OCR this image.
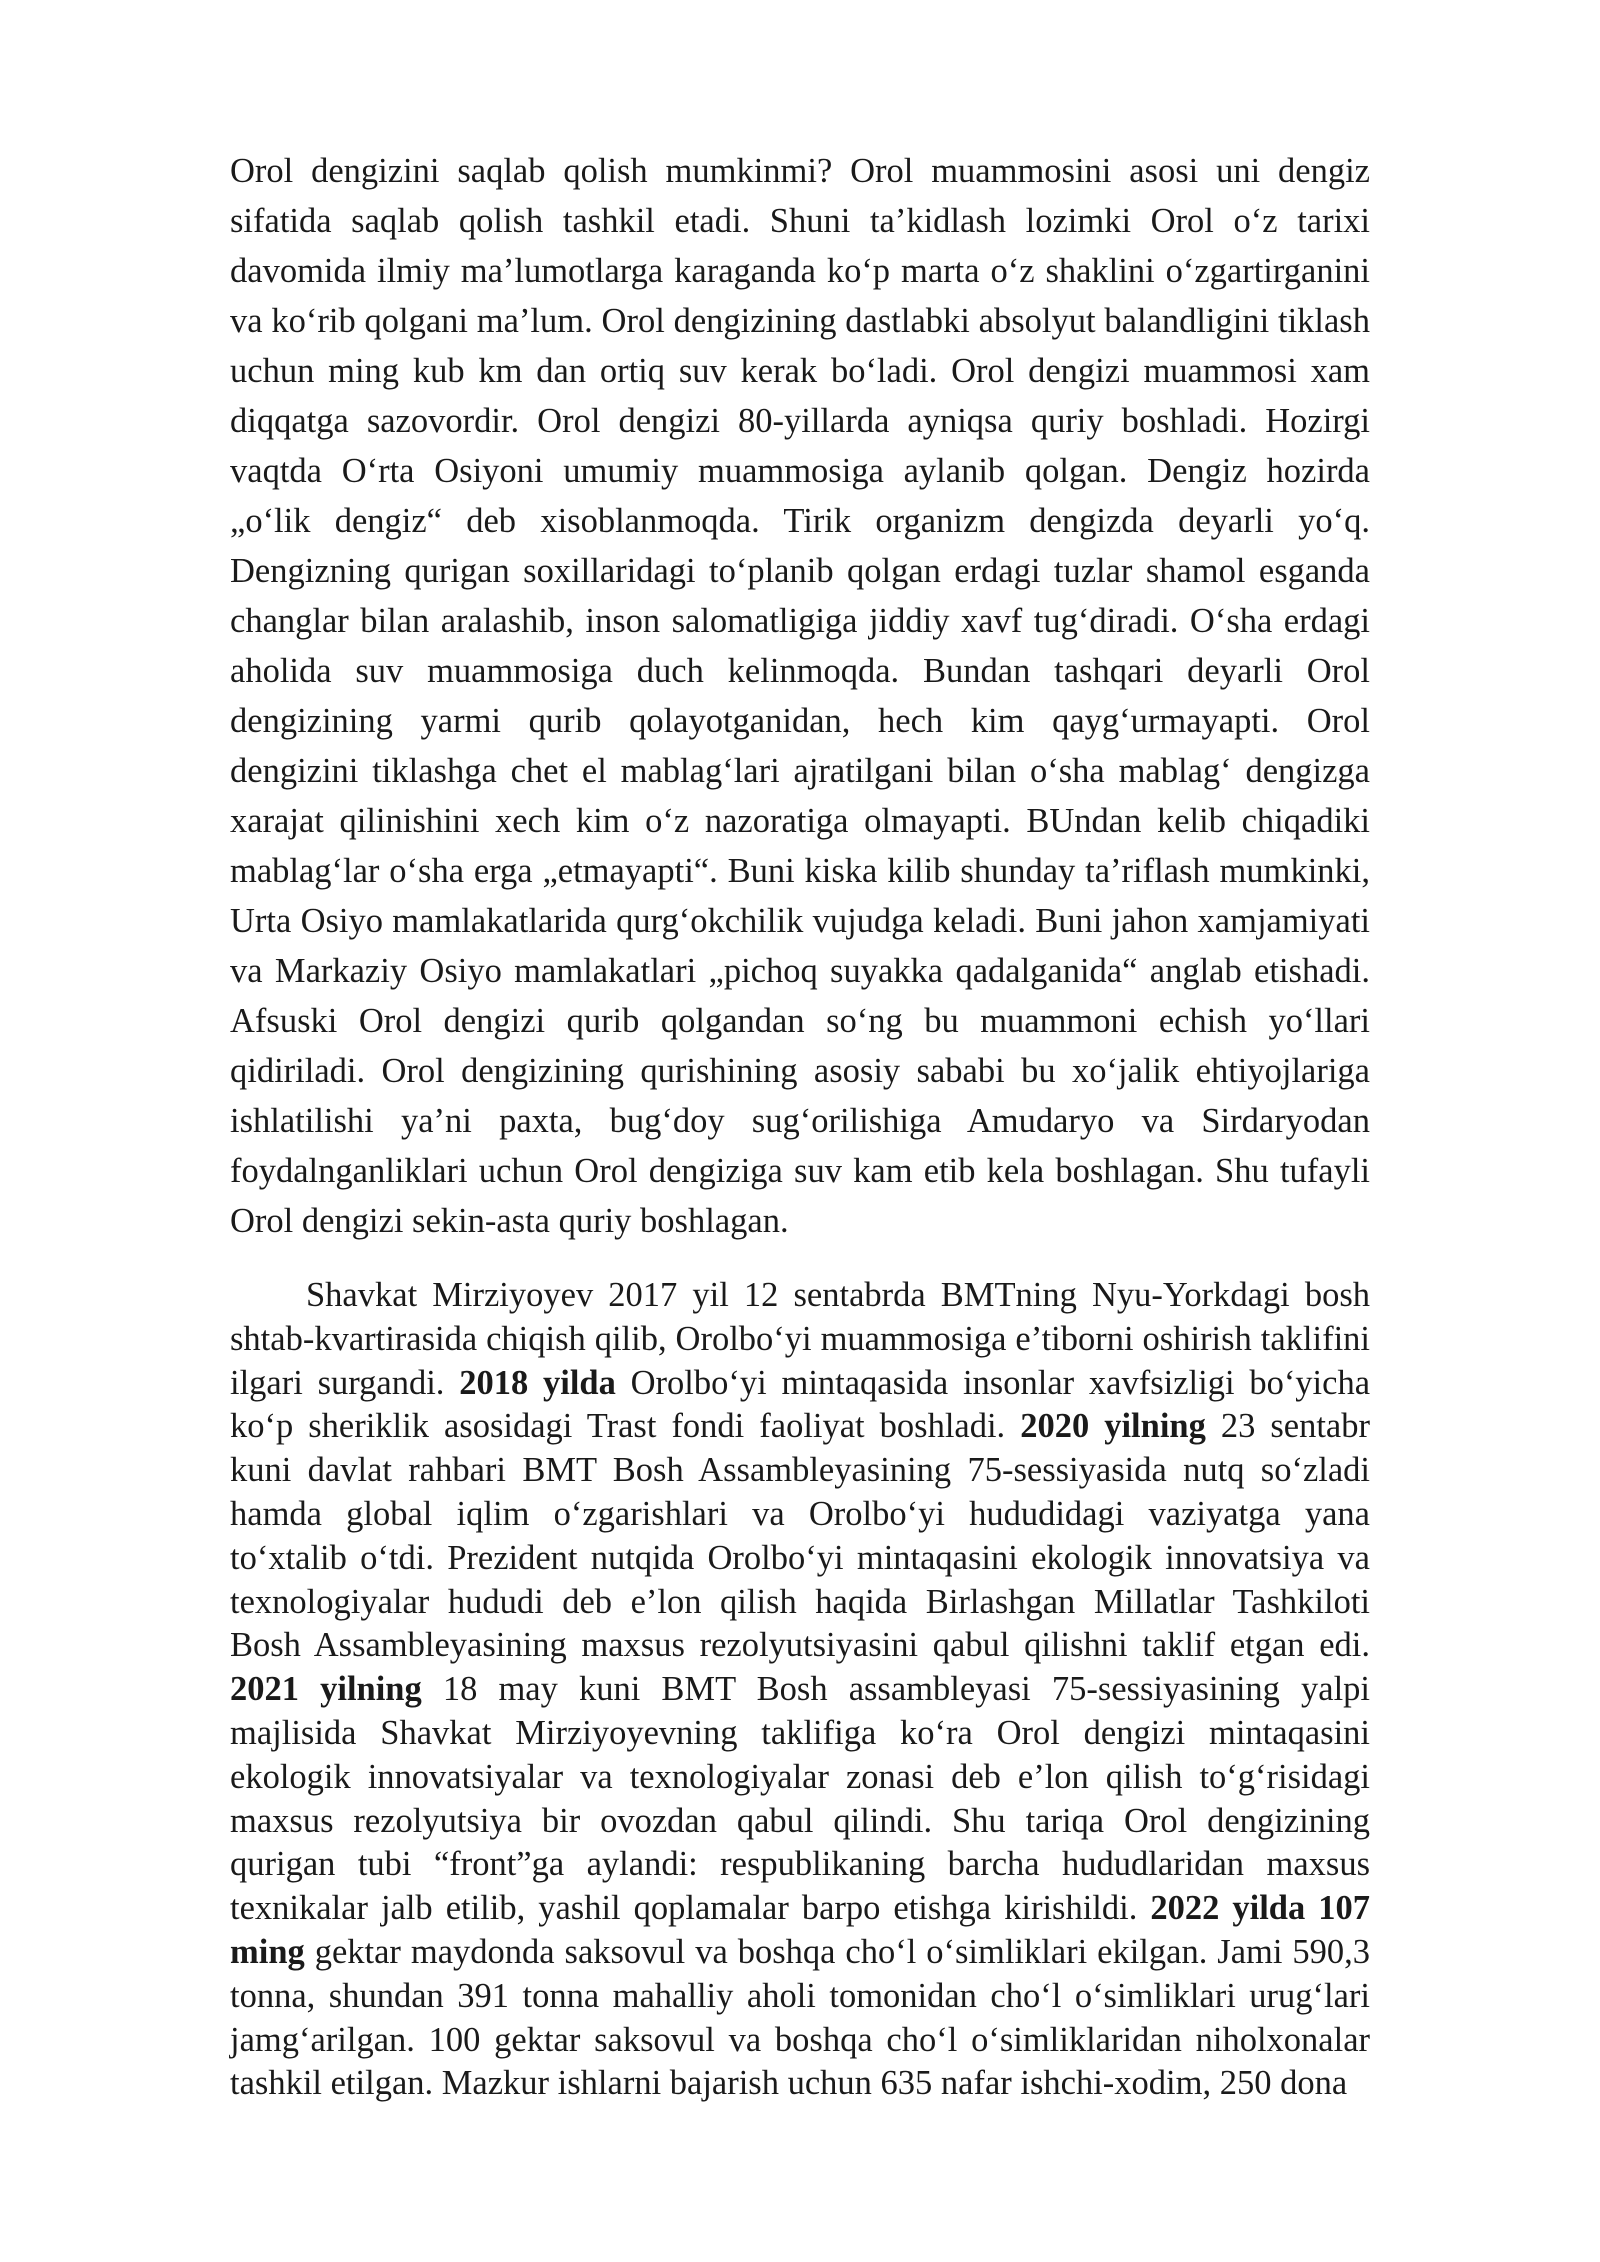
Orol dengizini saqlab qolish mumkinmi? Orol muammosini asosi uni dengiz sifatida saqlab qolish tashkil etadi. Shuni ta’kidlash lozimki Orol o‘z tarixi davomida ilmiy ma’lumotlarga karaganda ko‘p marta o‘z shaklini o‘zgartirganini va ko‘rib qolgani ma’lum. Orol dengizining dastlabki absolyut balandligini tiklash uchun ming kub km dan ortiq suv kerak bo‘ladi. Orol dengizi muammosi xam diqqatga sazovordir. Orol dengizi 80-yillarda ayniqsa quriy boshladi. Hozirgi vaqtda O‘rta Osiyoni umumiy muammosiga aylanib qolgan. Dengiz hozirda „o‘lik dengiz“ deb xisoblanmoqda. Tirik organizm dengizda deyarli yo‘q. Dengizning qurigan soxillaridagi to‘planib qolgan erdagi tuzlar shamol esganda changlar bilan aralashib, inson salomatligiga jiddiy xavf tug‘diradi. O‘sha erdagi aholida suv muammosiga duch kelinmoqda. Bundan tashqari deyarli Orol dengizining yarmi qurib qolayotganidan, hech kim qayg‘urmayapti. Orol dengizini tiklashga chet el mablag‘lari ajratilgani bilan o‘sha mablag‘ dengizga xarajat qilinishini xech kim o‘z nazoratiga olmayapti. BUndan kelib chiqadiki mablag‘lar o‘sha erga „etmayapti“. Buni kiska kilib shunday ta’riflash mumkinki, Urta Osiyo mamlakatlarida qurg‘okchilik vujudga keladi. Buni jahon xamjamiyati va Markaziy Osiyo mamlakatlari „pichoq suyakka qadalganida“ anglab etishadi. Afsuski Orol dengizi qurib qolgandan so‘ng bu muammoni echish yo‘llari qidiriladi. Orol dengizining qurishining asosiy sababi bu xo‘jalik ehtiyojlariga ishlatilishi ya’ni paxta, bug‘doy sug‘orilishiga Amudaryo va Sirdaryodan foydalnganliklari uchun Orol dengiziga suv kam etib kela boshlagan. Shu tufayli Orol dengizi sekin-asta quriy boshlagan.

Shavkat Mirziyoyev 2017 yil 12 sentabrda BMTning Nyu-Yorkdagi bosh shtab-kvartirasida chiqish qilib, Orolbo‘yi muammosiga e’tiborni oshirish taklifini ilgari surgandi. 2018 yilda Orolbo‘yi mintaqasida insonlar xavfsizligi bo‘yicha ko‘p sheriklik asosidagi Trast fondi faoliyat boshladi. 2020 yilning 23 sentabr kuni davlat rahbari BMT Bosh Assambleyasining 75-sessiyasida nutq so‘zladi hamda global iqlim o‘zgarishlari va Orolbo‘yi hududidagi vaziyatga yana to‘xtalib o‘tdi. Prezident nutqida Orolbo‘yi mintaqasini ekologik innovatsiya va texnologiyalar hududi deb e’lon qilish haqida Birlashgan Millatlar Tashkiloti Bosh Assambleyasining maxsus rezolyutsiyasini qabul qilishni taklif etgan edi. 2021 yilning 18 may kuni BMT Bosh assambleyasi 75-sessiyasining yalpi majlisida Shavkat Mirziyoyevning taklifiga ko‘ra Orol dengizi mintaqasini ekologik innovatsiyalar va texnologiyalar zonasi deb e’lon qilish to‘g‘risidagi maxsus rezolyutsiya bir ovozdan qabul qilindi. Shu tariqa Orol dengizining qurigan tubi “front”ga aylandi: respublikaning barcha hududlaridan maxsus texnikalar jalb etilib, yashil qoplamalar barpo etishga kirishildi. 2022 yilda 107 ming gektar maydonda saksovul va boshqa cho‘l o‘simliklari ekilgan. Jami 590,3 tonna, shundan 391 tonna mahalliy aholi tomonidan cho‘l o‘simliklari urug‘lari jamg‘arilgan. 100 gektar saksovul va boshqa cho‘l o‘simliklaridan niholxonalar tashkil etilgan. Mazkur ishlarni bajarish uchun 635 nafar ishchi-xodim, 250 dona
